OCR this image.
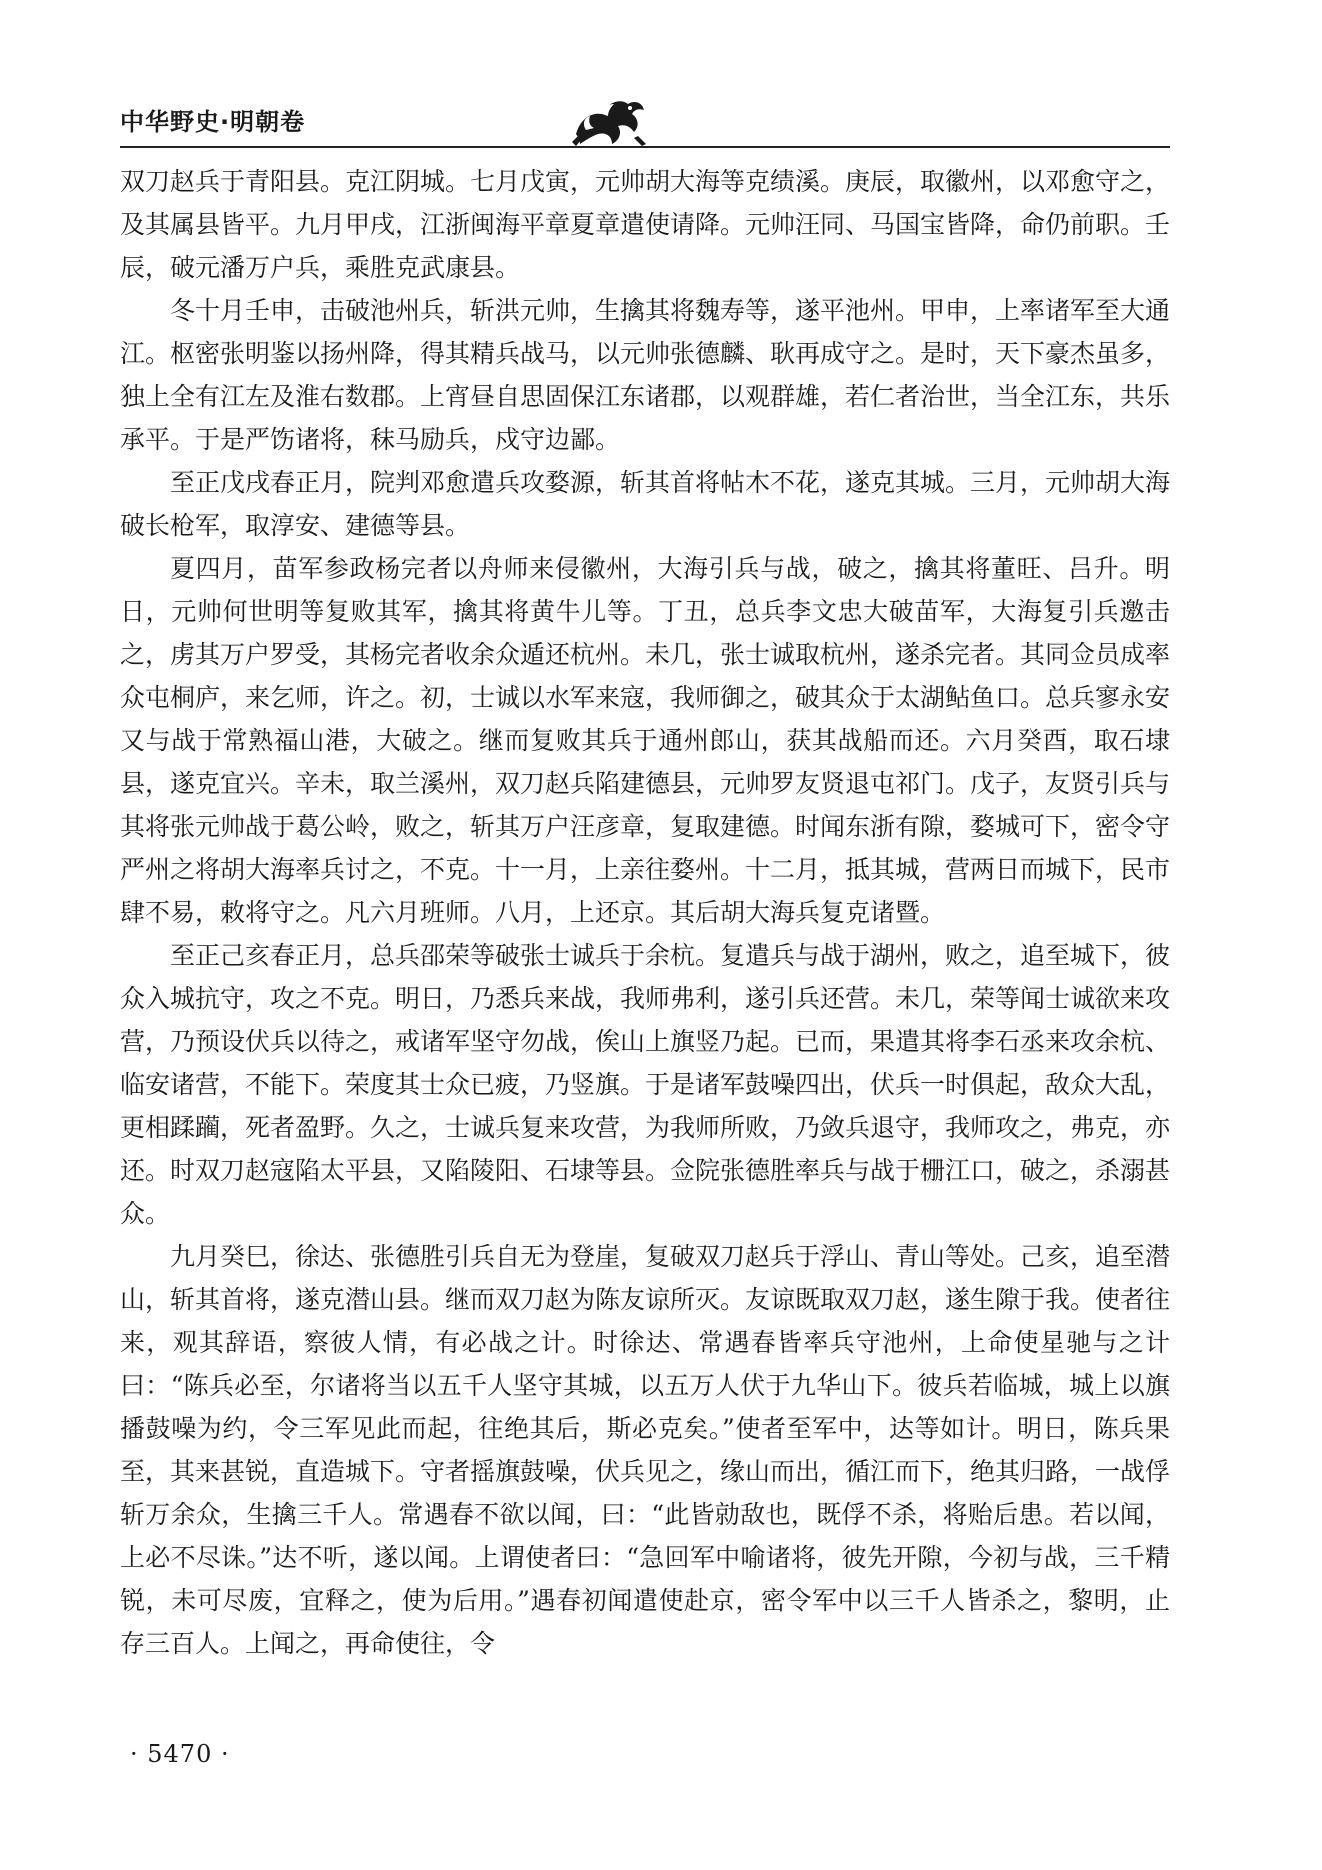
中华野史·明朝卷

双刀赵兵于青阳县。克江阴城。七月戊寅，元帅胡大海等克绩溪。庚辰，取徽州，以邓愈守之，及其属县皆平。九月甲戌，江浙闽海平章夏章遣使请降。元帅汪同、马国宝皆降，命仍前职。壬辰，破元潘万户兵，乘胜克武康县。

冬十月壬申，击破池州兵，斩洪元帅，生擒其将魏寿等，遂平池州。甲申，上率诸军至大通江。枢密张明鉴以扬州降，得其精兵战马，以元帅张德麟、耿再成守之。是时，天下豪杰虽多，独上全有江左及淮右数郡。上宵昼自思固保江东诸郡，以观群雄，若仁者治世，当全江东，共乐承平。于是严饬诸将，秣马励兵，戍守边鄙。

至正戊戌春正月，院判邓愈遣兵攻婺源，斩其首将帖木不花，遂克其城。三月，元帅胡大海破长枪军，取淳安、建德等县。

夏四月，苗军参政杨完者以舟师来侵徽州，大海引兵与战，破之，擒其将董旺、吕升。明日，元帅何世明等复败其军，擒其将黄牛儿等。丁丑，总兵李文忠大破苗军，大海复引兵邀击之，虏其万户罗受，其杨完者收余众遁还杭州。未几，张士诚取杭州，遂杀完者。其同佥员成率众屯桐庐，来乞师，许之。初，士诚以水军来寇，我师御之，破其众于太湖鲇鱼口。总兵寥永安又与战于常熟福山港，大破之。继而复败其兵于通州郎山，获其战船而还。六月癸酉，取石埭县，遂克宜兴。辛未，取兰溪州，双刀赵兵陷建德县，元帅罗友贤退屯祁门。戊子，友贤引兵与其将张元帅战于葛公岭，败之，斩其万户汪彦章，复取建德。时闻东浙有隙，婺城可下，密令守严州之将胡大海率兵讨之，不克。十一月，上亲往婺州。十二月，抵其城，营两日而城下，民市肆不易，敕将守之。凡六月班师。八月，上还京。其后胡大海兵复克诸暨。

至正己亥春正月，总兵邵荣等破张士诚兵于余杭。复遣兵与战于湖州，败之，追至城下，彼众入城抗守，攻之不克。明日，乃悉兵来战，我师弗利，遂引兵还营。未几，荣等闻士诚欲来攻营，乃预设伏兵以待之，戒诸军坚守勿战，俟山上旗竖乃起。已而，果遣其将李石丞来攻余杭、临安诸营，不能下。荣度其士众已疲，乃竖旗。于是诸军鼓噪四出，伏兵一时俱起，敌众大乱，更相蹂躏，死者盈野。久之，士诚兵复来攻营，为我师所败，乃敛兵退守，我师攻之，弗克，亦还。时双刀赵寇陷太平县，又陷陵阳、石埭等县。佥院张德胜率兵与战于栅江口，破之，杀溺甚众。

九月癸巳，徐达、张德胜引兵自无为登崖，复破双刀赵兵于浮山、青山等处。己亥，追至潜山，斩其首将，遂克潜山县。继而双刀赵为陈友谅所灭。友谅既取双刀赵，遂生隙于我。使者往来，观其辞语，察彼人情，有必战之计。时徐达、常遇春皆率兵守池州，上命使星驰与之计曰：“陈兵必至，尔诸将当以五千人坚守其城，以五万人伏于九华山下。彼兵若临城，城上以旗播鼓噪为约，令三军见此而起，往绝其后，斯必克矣。”使者至军中，达等如计。明日，陈兵果至，其来甚锐，直造城下。守者摇旗鼓噪，伏兵见之，缘山而出，循江而下，绝其归路，一战俘斩万余众，生擒三千人。常遇春不欲以闻，曰：“此皆勍敌也，既俘不杀，将贻后患。若以闻，上必不尽诛。”达不听，遂以闻。上谓使者曰：“急回军中喻诸将，彼先开隙，今初与战，三千精锐，未可尽废，宜释之，使为后用。”遇春初闻遣使赴京，密令军中以三千人皆杀之，黎明，止存三百人。上闻之，再命使往，令

· 5470 ·
